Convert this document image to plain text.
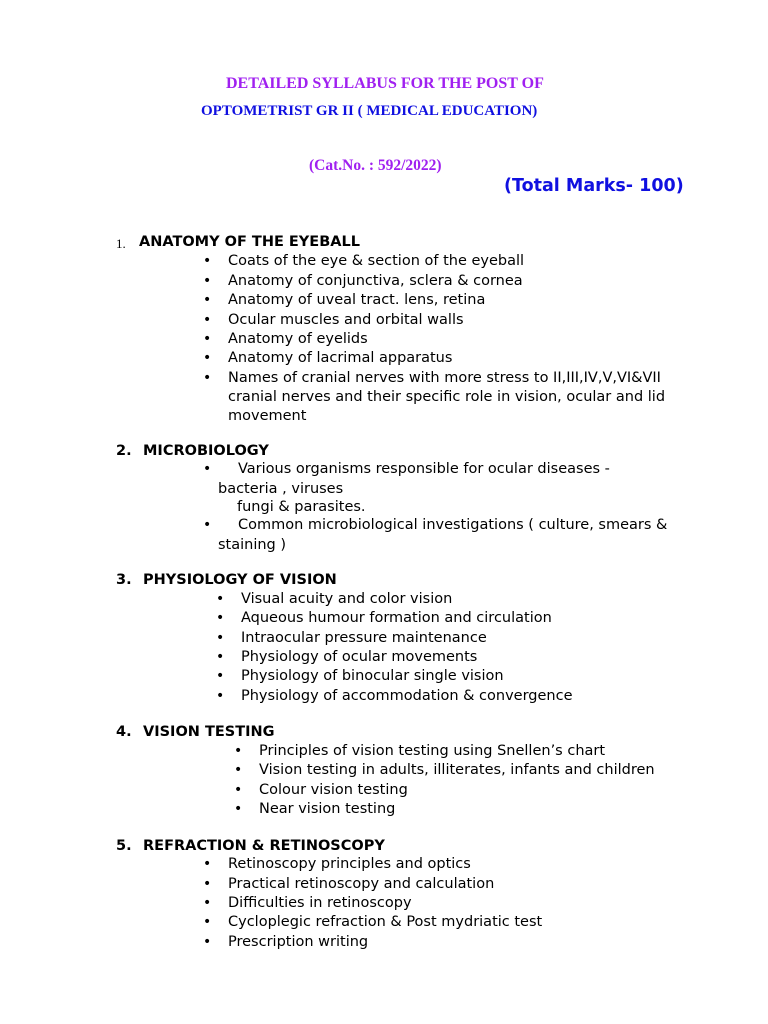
DETAILED SYLLABUS FOR THE POST OF
OPTOMETRIST GR II ( MEDICAL EDUCATION)
(Cat.No. : 592/2022)
(Total Marks- 100)
1. ANATOMY OF THE EYEBALL
• Coats of the eye & section of the eyeball
• Anatomy of conjunctiva, sclera & cornea
• Anatomy of uveal tract. lens, retina
• Ocular muscles and orbital walls
• Anatomy of eyelids
• Anatomy of lacrimal apparatus
• Names of cranial nerves with more stress to II,III,IV,V,VI&VII
cranial nerves and their specific role in vision, ocular and lid
movement
2. MICROBIOLOGY
• Various organisms responsible for ocular diseases -
bacteria , viruses
fungi & parasites.
• Common microbiological investigations ( culture, smears &
staining )
3. PHYSIOLOGY OF VISION
• Visual acuity and color vision
• Aqueous humour formation and circulation
• Intraocular pressure maintenance
• Physiology of ocular movements
• Physiology of binocular single vision
• Physiology of accommodation & convergence
4. VISION TESTING
• Principles of vision testing using Snellen’s chart
• Vision testing in adults, illiterates, infants and children
• Colour vision testing
• Near vision testing
5. REFRACTION & RETINOSCOPY
• Retinoscopy principles and optics
• Practical retinoscopy and calculation
• Difficulties in retinoscopy
• Cycloplegic refraction & Post mydriatic test
• Prescription writing
